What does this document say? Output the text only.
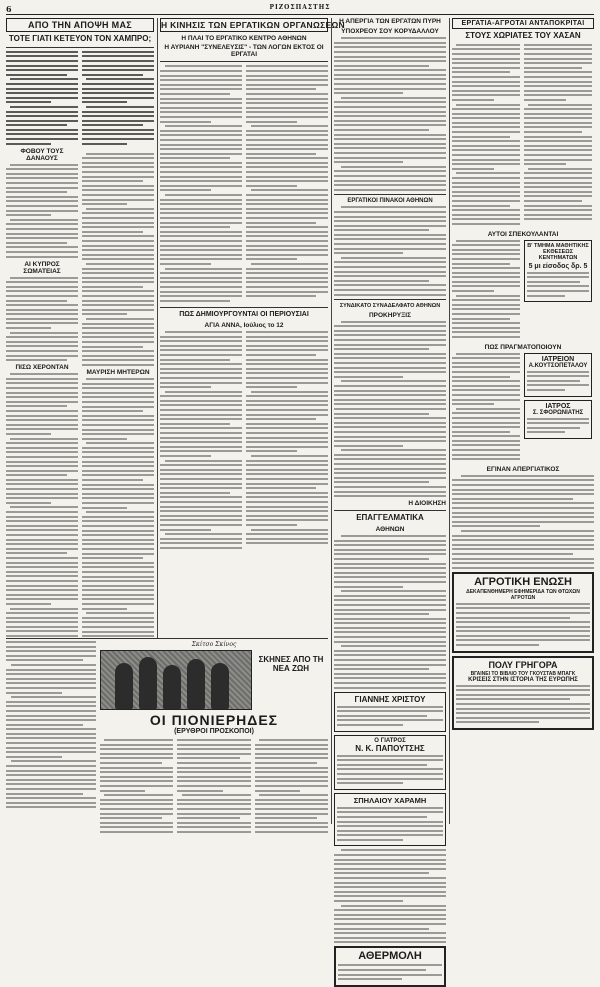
6	ΡΙΖΟΣΠΑΣΤΗΣ
ΑΠΟ ΤΗΝ ΑΠΟΨΗ ΜΑΣ
ΤΟΤΕ ΓΙΑΤΙ ΚΕΤΕΥΟΝ ΤΟΝ ΧΑΜΠΡΟ;
ΦΟΒΟΥ ΤΟΥΣ ΔΑΝΑΟΥΣ
ΑΙ ΚΥΠΡΟΣ ΣΩΜΑΤΕΙΑΣ
ΠΙΣΩ ΧΕΡΟΝΤΑΝ
ΜΑΥΡΙΣΗ ΜΗΤΕΡΩΝ
Η ΚΙΝΗΣΙΣ ΤΩΝ ΕΡΓΑΤΙΚΩΝ ΟΡΓΑΝΩΣΕΩΝ
Η ΠΛΑΙ ΤΟ ΕΡΓΑΤΙΚΟ ΚΕΝΤΡΟ ΑΘΗΝΩΝ
Η ΑΥΡΙΑΝΗ "ΣΥΝΕΛΕΥΣΙΣ" - ΤΩΝ ΛΟΓΩΝ ΕΚΤΟΣ ΟΙ ΕΡΓΑΤΑΙ
ΠΩΣ ΔΗΜΙΟΥΡΓΟΥΝΤΑΙ ΟΙ ΠΕΡΙΟΥΣΙΑΙ
ΑΓΙΑ ΑΝΝΑ, Ιούλιος το 12
Σκίτσο Σκίνος
ΣΚΗΝΕΣ ΑΠΟ ΤΗ ΝΕΑ ΖΩΗ
ΟΙ ΠΙΟΝΙΕΡΗΔΕΣ
(ΕΡΥΘΡΟΙ ΠΡΟΣΚΟΠΟΙ)
Η ΑΠΕΡΓΙΑ ΤΩΝ ΕΡΓΑΤΩΝ ΠΥΡΗ
ΥΠΟΧΡΕΟΥ ΣΟΥ ΚΟΡΥΔΑΛΛΟΥ
ΕΡΓΑΤΙΚΟΙ ΠΙΝΑΚΟΙ ΑΘΗΝΩΝ
ΣΥΝΔΙΚΑΤΟ ΣΥΝΑΔΕΛΦΑΤΟ ΑΘΗΝΩΝ
ΠΡΟΚΗΡΥΞΙΣ
Η ΔΙΟΙΚΗΣΗ
ΕΠΑΓΓΕΛΜΑΤΙΚΑ
ΑΘΗΝΩΝ
ΓΙΑΝΝΗΣ ΧΡΙΣΤΟΥ
Ο ΓΙΑΤΡΟΣ
Ν. Κ. ΠΑΠΟΥΤΣΗΣ
ΣΠΗΛΑΙΟΥ ΧΑΡΑΜΗ
ΑΘΕΡΜΟΛΗ
ΕΡΓΑΤΙΑ-ΑΓΡΟΤΑΙ ΑΝΤΑΠΟΚΡΙΤΑΙ
ΣΤΟΥΣ ΧΩΡΙΑΤΕΣ ΤΟΥ ΧΑΣΑΝ
ΑΥΤΟΙ ΣΠΕΚΟΥΛΑΝΤΑΙ
Β' ΤΜΗΜΑ ΜΑΘΗΤΙΚΗΣ ΕΚΘΕΣΕΩΣ ΚΕΝΤΗΜΑΤΩΝ
5 μι είσοδος δρ. 5
ΠΩΣ ΠΡΑΓΜΑΤΟΠΟΙΟΥΝ
ΙΑΤΡΕΙΟΝ
Α.ΚΟΥΤΣΟΠΕΤΑΛΟΥ
ΙΑΤΡΟΣ
Σ. ΣΦΟΡΩΝΙΑΤΗΣ
ΕΓΙΝΑΝ ΑΠΕΡΓΙΑΤΙΚΟΣ
ΑΓΡΟΤΙΚΗ ΕΝΩΣΗ
ΔΕΚΑΠΕΝΘΗΜΕΡΗ ΕΦΗΜΕΡΙΔΑ ΤΩΝ ΦΤΩΧΩΝ ΑΓΡΟΤΩΝ
ΠΟΛΥ ΓΡΗΓΟΡΑ
ΒΓΑΙΝΕΙ ΤΟ ΒΙΒΛΙΟ ΤΟΥ ΓΚΟΥΣΤΑΒ ΜΠΑΓΚ
ΚΡΙΣΕΙΣ ΣΤΗΝ ΙΣΤΟΡΙΑ ΤΗΣ ΕΥΡΩΠΗΣ
